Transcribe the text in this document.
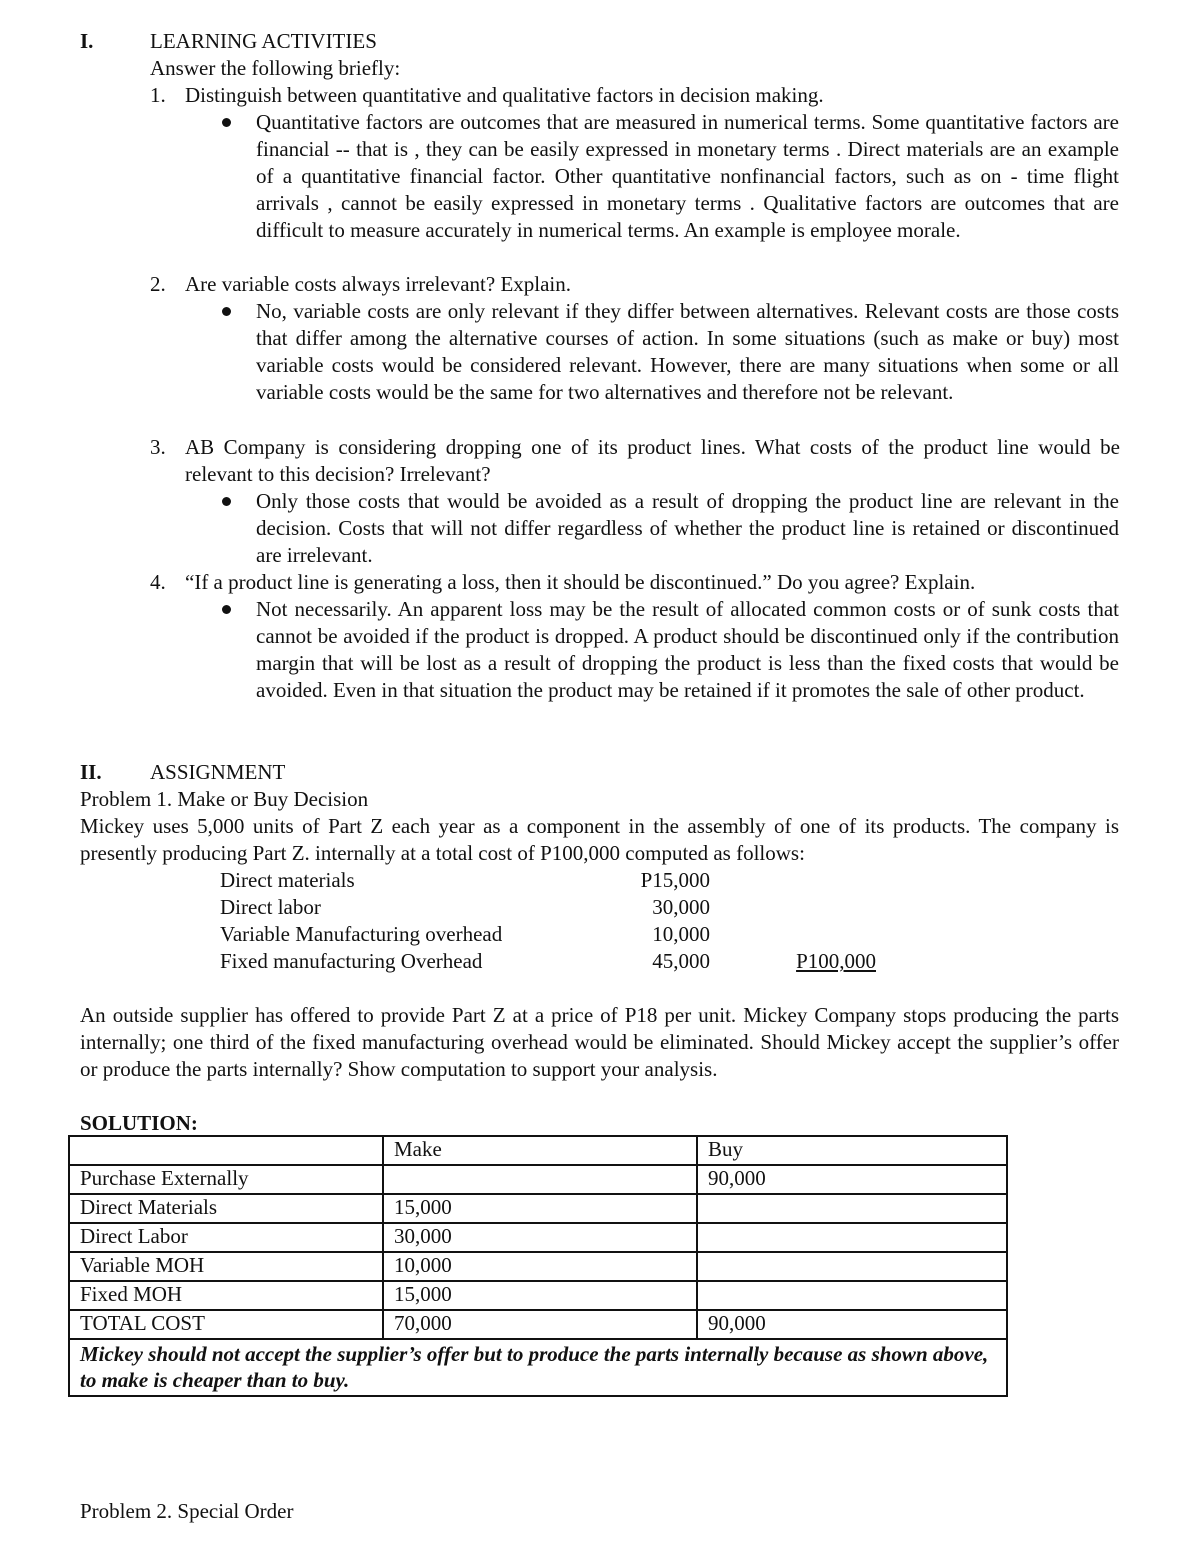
I.	LEARNING ACTIVITIES
Answer the following briefly:
1. Distinguish between quantitative and qualitative factors in decision making.

Quantitative factors are outcomes that are measured in numerical terms. Some quantitative factors are financial -- that is , they can be easily expressed in monetary terms . Direct materials are an example of a quantitative financial factor. Other quantitative nonfinancial factors, such as on - time flight arrivals , cannot be easily expressed in monetary terms . Qualitative factors are outcomes that are difficult to measure accurately in numerical terms. An example is employee morale.

2. Are variable costs always irrelevant? Explain.

No, variable costs are only relevant if they differ between alternatives. Relevant costs are those costs that differ among the alternative courses of action. In some situations (such as make or buy) most variable costs would be considered relevant. However, there are many situations when some or all variable costs would be the same for two alternatives and therefore not be relevant.

3. AB Company is considering dropping one of its product lines. What costs of the product line would be relevant to this decision? Irrelevant?

Only those costs that would be avoided as a result of dropping the product line are relevant in the decision. Costs that will not differ regardless of whether the product line is retained or discontinued are irrelevant.

4. “If a product line is generating a loss, then it should be discontinued.” Do you agree? Explain.

Not necessarily. An apparent loss may be the result of allocated common costs or of sunk costs that cannot be avoided if the product is dropped. A product should be discontinued only if the contribution margin that will be lost as a result of dropping the product is less than the fixed costs that would be avoided. Even in that situation the product may be retained if it promotes the sale of other product.

II. ASSIGNMENT
Problem 1. Make or Buy Decision

Mickey uses 5,000 units of Part Z each year as a component in the assembly of one of its products. The company is presently producing Part Z. internally at a total cost of P100,000 computed as follows:

Direct materials	P15,000
Direct labor	30,000
Variable Manufacturing overhead	10,000
Fixed manufacturing Overhead	45,000	P100,000

An outside supplier has offered to provide Part Z at a price of P18 per unit. Mickey Company stops producing the parts internally; one third of the fixed manufacturing overhead would be eliminated. Should Mickey accept the supplier’s offer or produce the parts internally? Show computation to support your analysis.

SOLUTION:
	Make	Buy
Purchase Externally		90,000
Direct Materials	15,000	
Direct Labor	30,000	
Variable MOH	10,000	
Fixed MOH	15,000	
TOTAL COST	70,000	90,000
Mickey should not accept the supplier’s offer but to produce the parts internally because as shown above, to make is cheaper than to buy.		
Problem 2. Special Order
